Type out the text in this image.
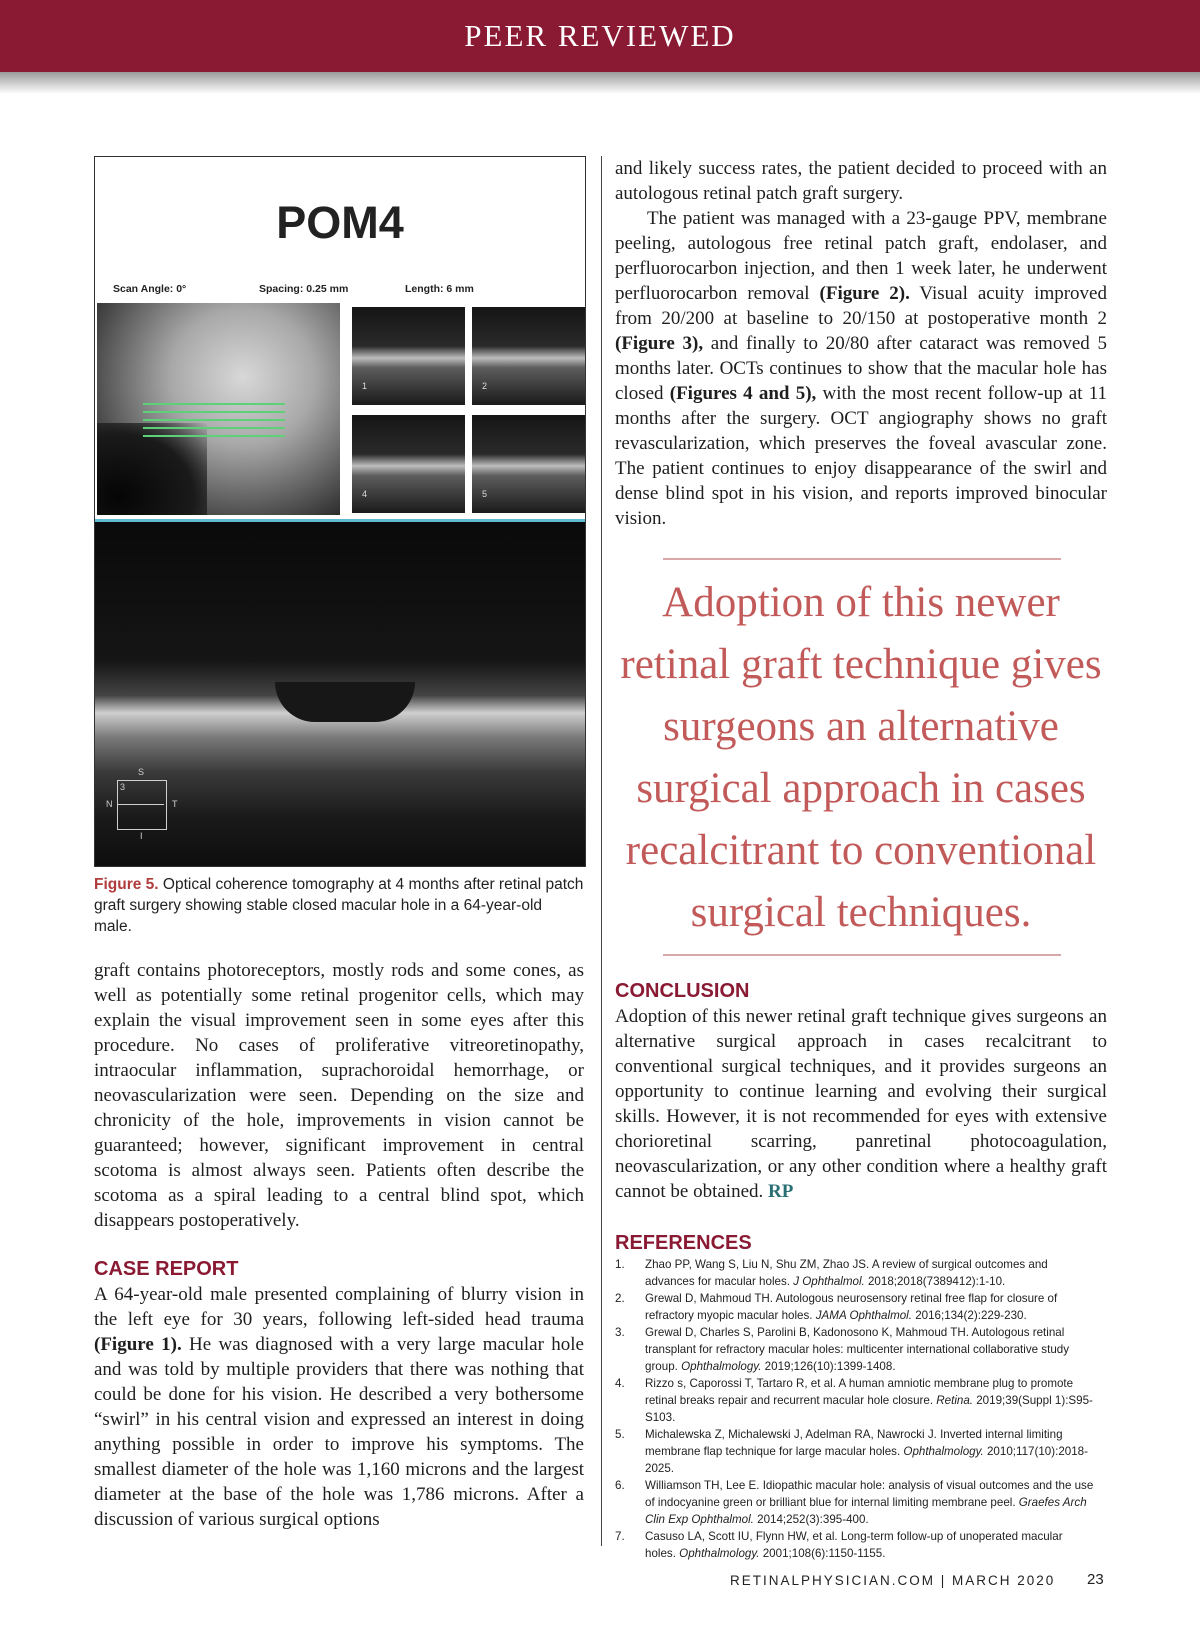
PEER REVIEWED
POM4
Scan Angle: 0°	Spacing: 0.25 mm	Length: 6 mm
1	2
4	5
S
N	T
I
3
Figure 5. Optical coherence tomography at 4 months after retinal patch graft surgery showing stable closed macular hole in a 64-year-old male.

graft contains photoreceptors, mostly rods and some cones, as well as potentially some retinal progenitor cells, which may explain the visual improvement seen in some eyes after this procedure. No cases of proliferative vitreoretinopathy, intraocular inflammation, suprachoroidal hemorrhage, or neovascularization were seen. Depending on the size and chronicity of the hole, improvements in vision cannot be guaranteed; however, significant improvement in central scotoma is almost always seen. Patients often describe the scotoma as a spiral leading to a central blind spot, which disappears postoperatively.

CASE REPORT

A 64-year-old male presented complaining of blurry vision in the left eye for 30 years, following left-sided head trauma (Figure 1). He was diagnosed with a very large macular hole and was told by multiple providers that there was nothing that could be done for his vision. He described a very bothersome “swirl” in his central vision and expressed an interest in doing anything possible in order to improve his symptoms. The smallest diameter of the hole was 1,160 microns and the largest diameter at the base of the hole was 1,786 microns. After a discussion of various surgical options

and likely success rates, the patient decided to proceed with an autologous retinal patch graft surgery.

The patient was managed with a 23-gauge PPV, membrane peeling, autologous free retinal patch graft, endolaser, and perfluorocarbon injection, and then 1 week later, he underwent perfluorocarbon removal (Figure 2). Visual acuity improved from 20/200 at baseline to 20/150 at postoperative month 2 (Figure 3), and finally to 20/80 after cataract was removed 5 months later. OCTs continues to show that the macular hole has closed (Figures 4 and 5), with the most recent follow-up at 11 months after the surgery. OCT angiography shows no graft revascularization, which preserves the foveal avascular zone. The patient continues to enjoy disappearance of the swirl and dense blind spot in his vision, and reports improved binocular vision.

Adoption of this newer retinal graft technique gives surgeons an alternative surgical approach in cases recalcitrant to conventional surgical techniques.
CONCLUSION

Adoption of this newer retinal graft technique gives surgeons an alternative surgical approach in cases recalcitrant to conventional surgical techniques, and it provides surgeons an opportunity to continue learning and evolving their surgical skills. However, it is not recommended for eyes with extensive chorioretinal scarring, panretinal photocoagulation, neovascularization, or any other condition where a healthy graft cannot be obtained. RP

REFERENCES
1. Zhao PP, Wang S, Liu N, Shu ZM, Zhao JS. A review of surgical outcomes and advances for macular holes. J Ophthalmol. 2018;2018(7389412):1-10.
2. Grewal D, Mahmoud TH. Autologous neurosensory retinal free flap for closure of refractory myopic macular holes. JAMA Ophthalmol. 2016;134(2):229-230.
3. Grewal D, Charles S, Parolini B, Kadonosono K, Mahmoud TH. Autologous retinal transplant for refractory macular holes: multicenter international collaborative study group. Ophthalmology. 2019;126(10):1399-1408.
4. Rizzo s, Caporossi T, Tartaro R, et al. A human amniotic membrane plug to promote retinal breaks repair and recurrent macular hole closure. Retina. 2019;39(Suppl 1):S95-S103.
5. Michalewska Z, Michalewski J, Adelman RA, Nawrocki J. Inverted internal limiting membrane flap technique for large macular holes. Ophthalmology. 2010;117(10):2018-2025.
6. Williamson TH, Lee E. Idiopathic macular hole: analysis of visual outcomes and the use of indocyanine green or brilliant blue for internal limiting membrane peel. Graefes Arch Clin Exp Ophthalmol. 2014;252(3):395-400.
7. Casuso LA, Scott IU, Flynn HW, et al. Long-term follow-up of unoperated macular holes. Ophthalmology. 2001;108(6):1150-1155.
RETINALPHYSICIAN.COM | MARCH 2020 23
